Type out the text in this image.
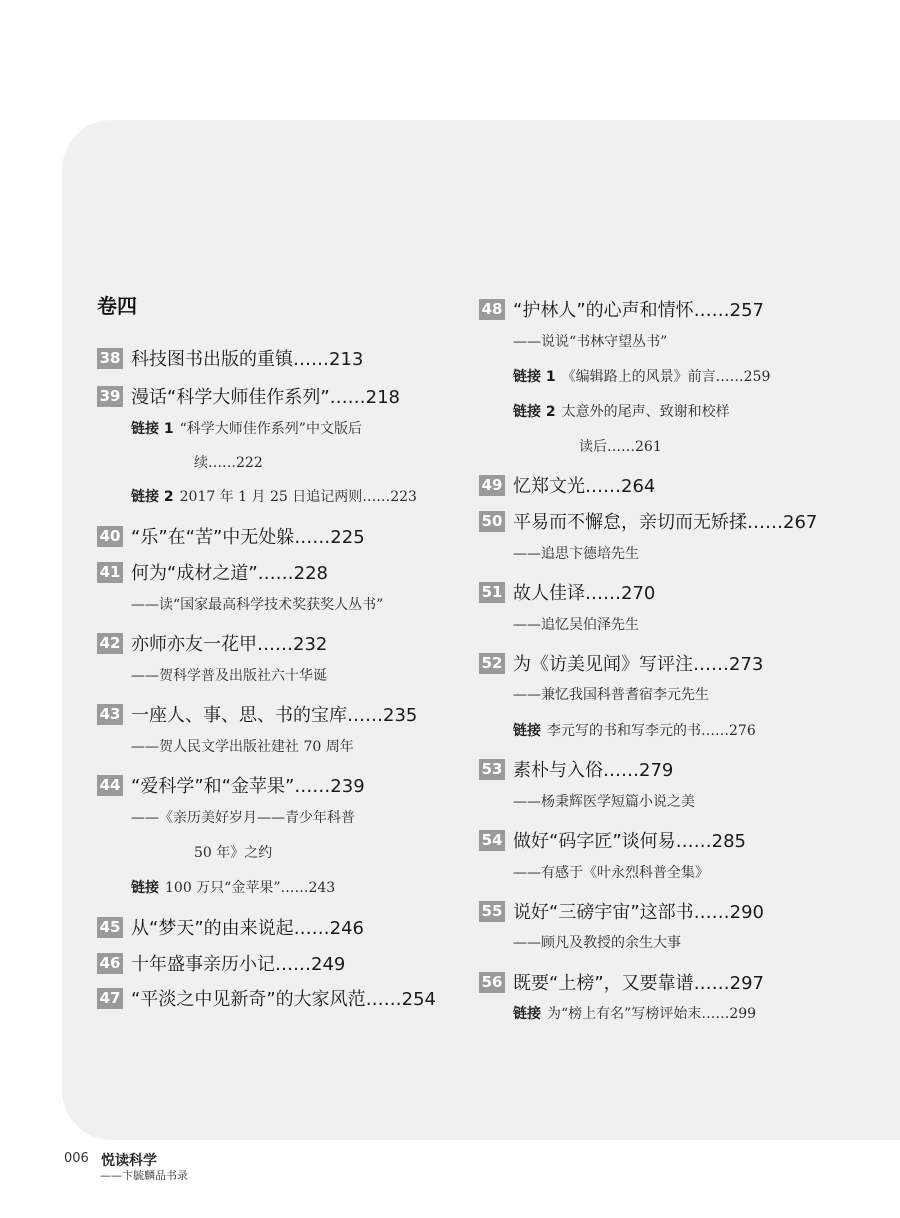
卷四
38 科技图书出版的重镇……213
39 漫话“科学大师佳作系列”……218
链接 1 “科学大师佳作系列”中文版后
续……222
链接 2 2017 年 1 月 25 日追记两则……223
40 “乐”在“苦”中无处躲……225
41 何为“成材之道”……228
——读“国家最高科学技术奖获奖人丛书”
42 亦师亦友一花甲……232
——贺科学普及出版社六十华诞
43 一座人、事、思、书的宝库……235
——贺人民文学出版社建社 70 周年
44 “爱科学”和“金苹果”……239
——《亲历美好岁月——青少年科普
50 年》之约
链接 100 万只“金苹果”……243
45 从“梦天”的由来说起……246
46 十年盛事亲历小记……249
47 “平淡之中见新奇”的大家风范……254
48 “护林人”的心声和情怀……257
——说说“书林守望丛书”
链接 1 《编辑路上的风景》前言……259
链接 2 太意外的尾声、致谢和校样
读后……261
49 忆郑文光……264
50 平易而不懈怠，亲切而无矫揉……267
——追思卞德培先生
51 故人佳译……270
——追忆吴伯泽先生
52 为《访美见闻》写评注……273
——兼忆我国科普耆宿李元先生
链接 李元写的书和写李元的书……276
53 素朴与入俗……279
——杨秉辉医学短篇小说之美
54 做好“码字匠”谈何易……285
——有感于《叶永烈科普全集》
55 说好“三磅宇宙”这部书……290
——顾凡及教授的余生大事
56 既要“上榜”，又要靠谱……297
链接 为“榜上有名”写榜评始末……299
006 悦读科学
——卞毓麟品书录
